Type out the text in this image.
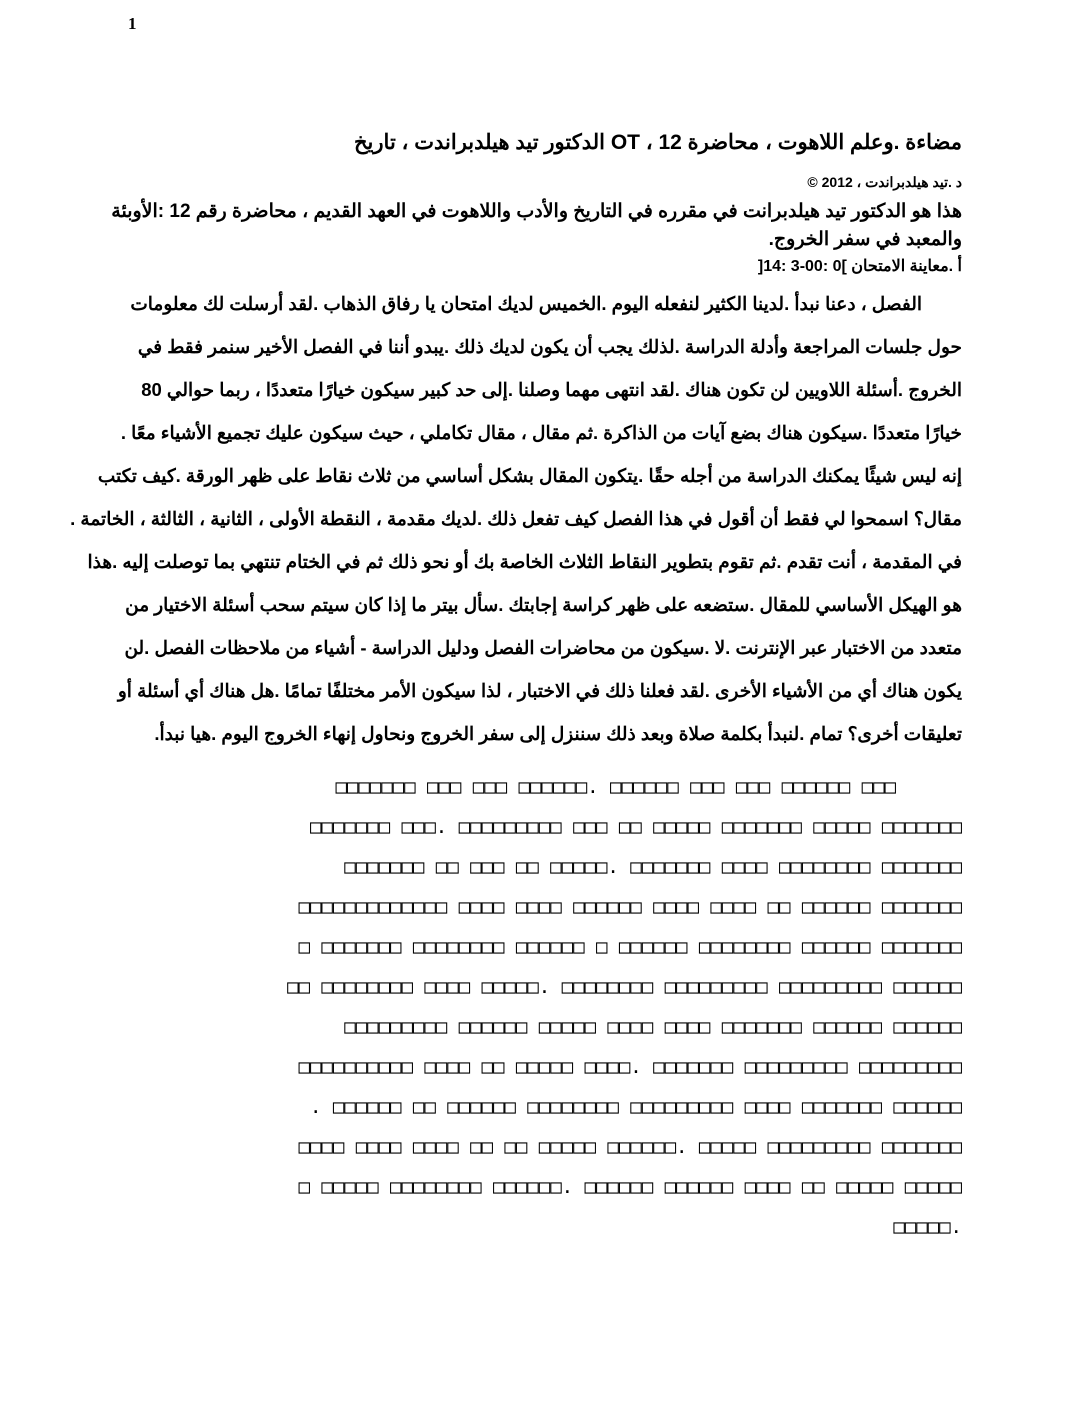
1
مضاءة .وعلم اللاهوت ، محاضرة 12 ، OT الدكتور تيد هيلدبراندت ، تاريخ
د .تيد هيلدبراندت ، 2012 ©
هذا هو الدكتور تيد هيلدبرانت في مقرره في التاريخ والأدب واللاهوت في العهد القديم ، محاضرة رقم 12 :الأوبئة
والمعبد في سفر الخروج.
أ .معاينة الامتحان ]0 :00-3 :14[
الفصل ، دعنا نبدأ .لدينا الكثير لنفعله اليوم .الخميس لديك امتحان يا رفاق الذهاب .لقد أرسلت لك معلومات
حول جلسات المراجعة وأدلة الدراسة .لذلك يجب أن يكون لديك ذلك .يبدو أننا في الفصل الأخير سنمر فقط في
الخروج .أسئلة اللاويين لن تكون هناك .لقد انتهى مهما وصلنا .إلى حد كبير سيكون خيارًا متعددًا ، ربما حوالي 80
خيارًا متعددًا .سيكون هناك بضع آيات من الذاكرة .ثم مقال ، مقال تكاملي ، حيث سيكون عليك تجميع الأشياء معًا .
إنه ليس شيئًا يمكنك الدراسة من أجله حقًا .يتكون المقال بشكل أساسي من ثلاث نقاط على ظهر الورقة .كيف تكتب
مقال؟ اسمحوا لي فقط أن أقول في هذا الفصل كيف تفعل ذلك .لديك مقدمة ، النقطة الأولى ، الثانية ، الثالثة ، الخاتمة .
في المقدمة ، أنت تقدم .ثم تقوم بتطوير النقاط الثلاث الخاصة بك أو نحو ذلك ثم في الختام تنتهي بما توصلت إليه .هذا
هو الهيكل الأساسي للمقال .ستضعه على ظهر كراسة إجابتك .سأل بيتر ما إذا كان سيتم سحب أسئلة الاختيار من
متعدد من الاختبار عبر الإنترنت .لا .سيكون من محاضرات الفصل ودليل الدراسة - أشياء من ملاحظات الفصل .لن
يكون هناك أي من الأشياء الأخرى .لقد فعلنا ذلك في الاختبار ، لذا سيكون الأمر مختلفًا تمامًا .هل هناك أي أسئلة أو
تعليقات أخرى؟ تمام .لنبدأ بكلمة صلاة وبعد ذلك سننزل إلى سفر الخروج ونحاول إنهاء الخروج اليوم .هيا نبدأ.
□□□□□□□ □□□ □□□ □□□□□□. □□□□□□ □□□ □□□ □□□□□□ □□□
□□□□□□□ □□□. □□□□□□□□□ □□□ □□ □□□□□ □□□□□□□ □□□□□ □□□□□□□
□□□□□□□ □□ □□□ □□ □□□□□. □□□□□□□ □□□□ □□□□□□□□ □□□□□□□
□□□□□□□□□□□□□ □□□□ □□□□ □□□□□□ □□□□ □□□□ □□ □□□□□□ □□□□□□□
□ □□□□□□□ □□□□□□□□ □□□□□□ □ □□□□□□ □□□□□□□□ □□□□□□ □□□□□□□
□□ □□□□□□□□ □□□□ □□□□□. □□□□□□□□ □□□□□□□□□ □□□□□□□□□ □□□□□□
□□□□□□□□□ □□□□□□ □□□□□ □□□□ □□□□ □□□□□□□ □□□□□□ □□□□□□
□□□□□□□□□□ □□□□ □□ □□□□□ □□□□. □□□□□□□ □□□□□□□□□ □□□□□□□□□
. □□□□□□ □□ □□□□□□ □□□□□□□□ □□□□□□□□□ □□□□ □□□□□□□ □□□□□□
□□□□ □□□□ □□□□ □□ □□ □□□□□ □□□□□□. □□□□□ □□□□□□□□□ □□□□□□□
□ □□□□□ □□□□□□□□ □□□□□□. □□□□□□ □□□□□□ □□□□ □□ □□□□□ □□□□□
□□□□□.
